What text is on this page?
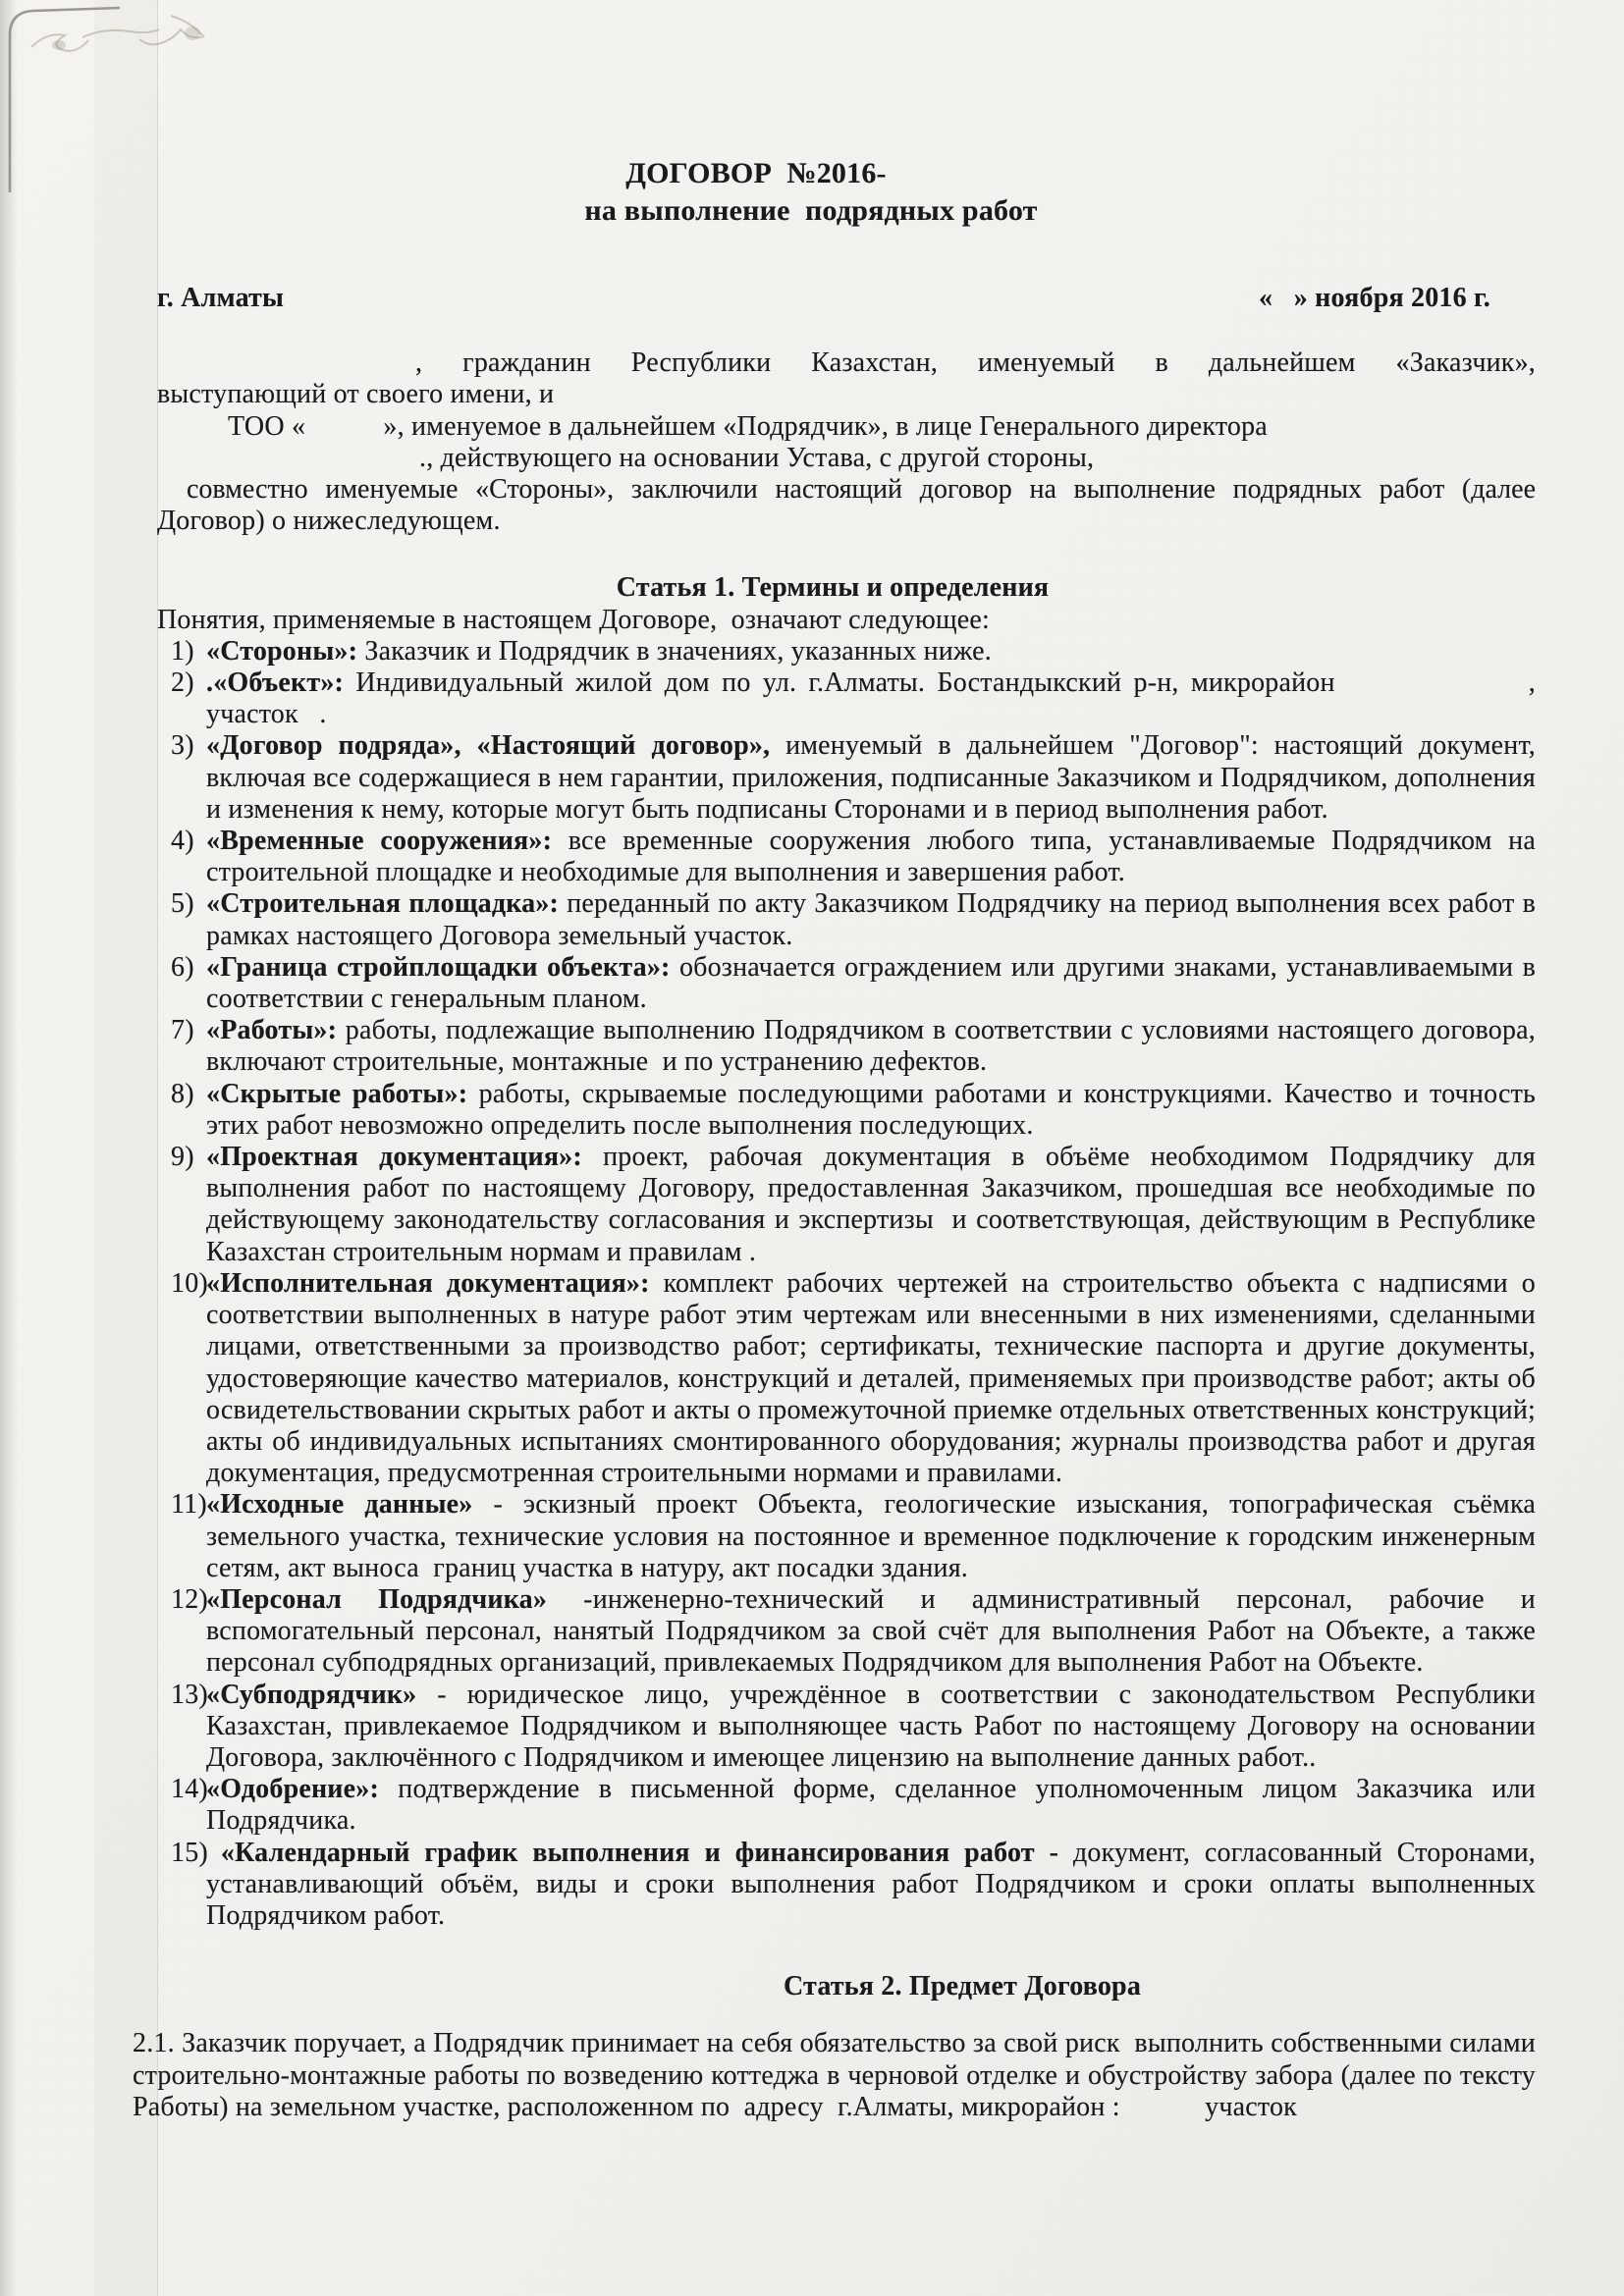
ДОГОВОР  №2016-
на выполнение  подрядных работ
г. Алматы	«   » ноября 2016 г.
, гражданин Республики Казахстан, именуемый в дальнейшем «Заказчик»,
выступающий от своего имени, и
ТОО «           », именуемое в дальнейшем «Подрядчик», в лице Генерального директора
., действующего на основании Устава, с другой стороны,
совместно именуемые «Стороны», заключили настоящий договор на выполнение подрядных работ (далее
Договор) о нижеследующем.
Статья 1. Термины и определения
Понятия, применяемые в настоящем Договоре,  означают следующее:
1) «Стороны»: Заказчик и Подрядчик в значениях, указанных ниже.
2) .«Объект»: Индивидуальный жилой дом по ул. г.Алматы. Бостандыкский р-н, микрорайон                , участок   .
3) «Договор подряда», «Настоящий договор», именуемый в дальнейшем "Договор": настоящий документ, включая все содержащиеся в нем гарантии, приложения, подписанные Заказчиком и Подрядчиком, дополнения и изменения к нему, которые могут быть подписаны Сторонами и в период выполнения работ.
4) «Временные сооружения»: все временные сооружения любого типа, устанавливаемые Подрядчиком на строительной площадке и необходимые для выполнения и завершения работ.
5) «Строительная площадка»: переданный по акту Заказчиком Подрядчику на период выполнения всех работ в рамках настоящего Договора земельный участок.
6) «Граница стройплощадки объекта»: обозначается ограждением или другими знаками, устанавливаемыми в соответствии с генеральным планом.
7) «Работы»: работы, подлежащие выполнению Подрядчиком в соответствии с условиями настоящего договора, включают строительные, монтажные  и по устранению дефектов.
8) «Скрытые работы»: работы, скрываемые последующими работами и конструкциями. Качество и точность этих работ невозможно определить после выполнения последующих.
9) «Проектная документация»: проект, рабочая документация в объёме необходимом Подрядчику для выполнения работ по настоящему Договору, предоставленная Заказчиком, прошедшая все необходимые по действующему законодательству согласования и экспертизы  и соответствующая, действующим в Республике Казахстан строительным нормам и правилам .
10)
«Исполнительная документация»: комплект рабочих чертежей на строительство объекта с надписями о соответствии выполненных в натуре работ этим чертежам или внесенными в них изменениями, сделанными лицами, ответственными за производство работ; сертификаты, технические паспорта и другие документы, удостоверяющие качество материалов, конструкций и деталей, применяемых при производстве работ; акты об освидетельствовании скрытых работ и акты о промежуточной приемке отдельных ответственных конструкций; акты об индивидуальных испытаниях смонтированного оборудования; журналы производства работ и другая документация, предусмотренная строительными нормами и правилами.
11) «Исходные данные» - эскизный проект Объекта, геологические изыскания, топографическая съёмка земельного участка, технические условия на постоянное и временное подключение к городским инженерным сетям, акт выноса  границ участка в натуру, акт посадки здания.
12)
«Персонал Подрядчика» -инженерно-технический и административный персонал, рабочие и вспомогательный персонал, нанятый Подрядчиком за свой счёт для выполнения Работ на Объекте, а также персонал субподрядных организаций, привлекаемых Подрядчиком для выполнения Работ на Объекте.
13)
«Субподрядчик» - юридическое лицо, учреждённое в соответствии с законодательством Республики Казахстан, привлекаемое Подрядчиком и выполняющее часть Работ по настоящему Договору на основании Договора, заключённого с Подрядчиком и имеющее лицензию на выполнение данных работ..
14)
«Одобрение»: подтверждение в письменной форме, сделанное уполномоченным лицом Заказчика или Подрядчика.
15)
«Календарный график выполнения и финансирования работ - документ, согласованный Сторонами, устанавливающий объём, виды и сроки выполнения работ Подрядчиком и сроки оплаты выполненных Подрядчиком работ.
Статья 2. Предмет Договора
2.1. Заказчик поручает, а Подрядчик принимает на себя обязательство за свой риск  выполнить собственными силами строительно-монтажные работы по возведению коттеджа в черновой отделке и обустройству забора (далее по тексту Работы) на земельном участке, расположенном по  адресу  г.Алматы, микрорайон :            участок
